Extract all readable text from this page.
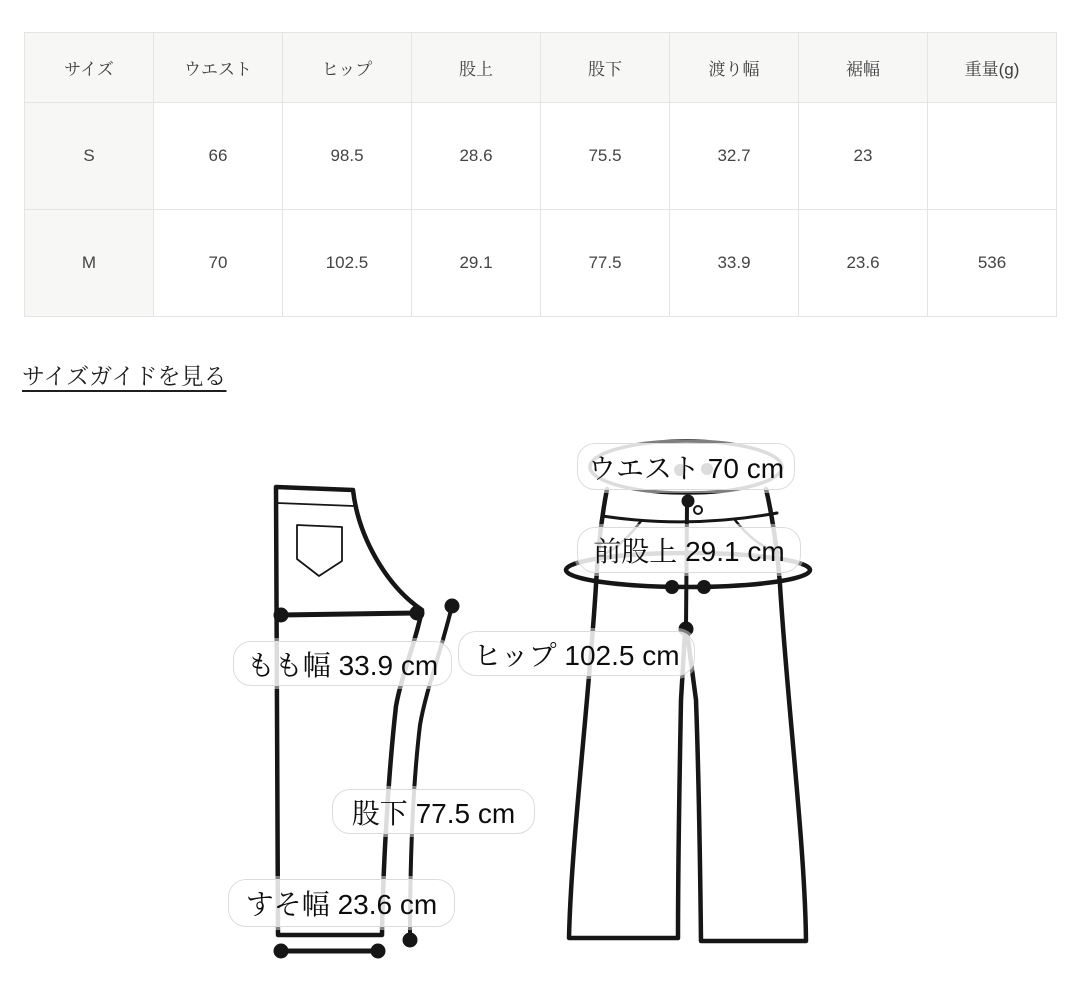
サイズ	ウエスト	ヒップ	股上	股下	渡り幅	裾幅	重量(g)
S	66	98.5	28.6	75.5	32.7	23	
M	70	102.5	29.1	77.5	33.9	23.6	536
サイズガイドを見る
ウエスト 70 cm
前股上 29.1 cm
ヒップ 102.5 cm
もも幅 33.9 cm
股下 77.5 cm
すそ幅 23.6 cm
